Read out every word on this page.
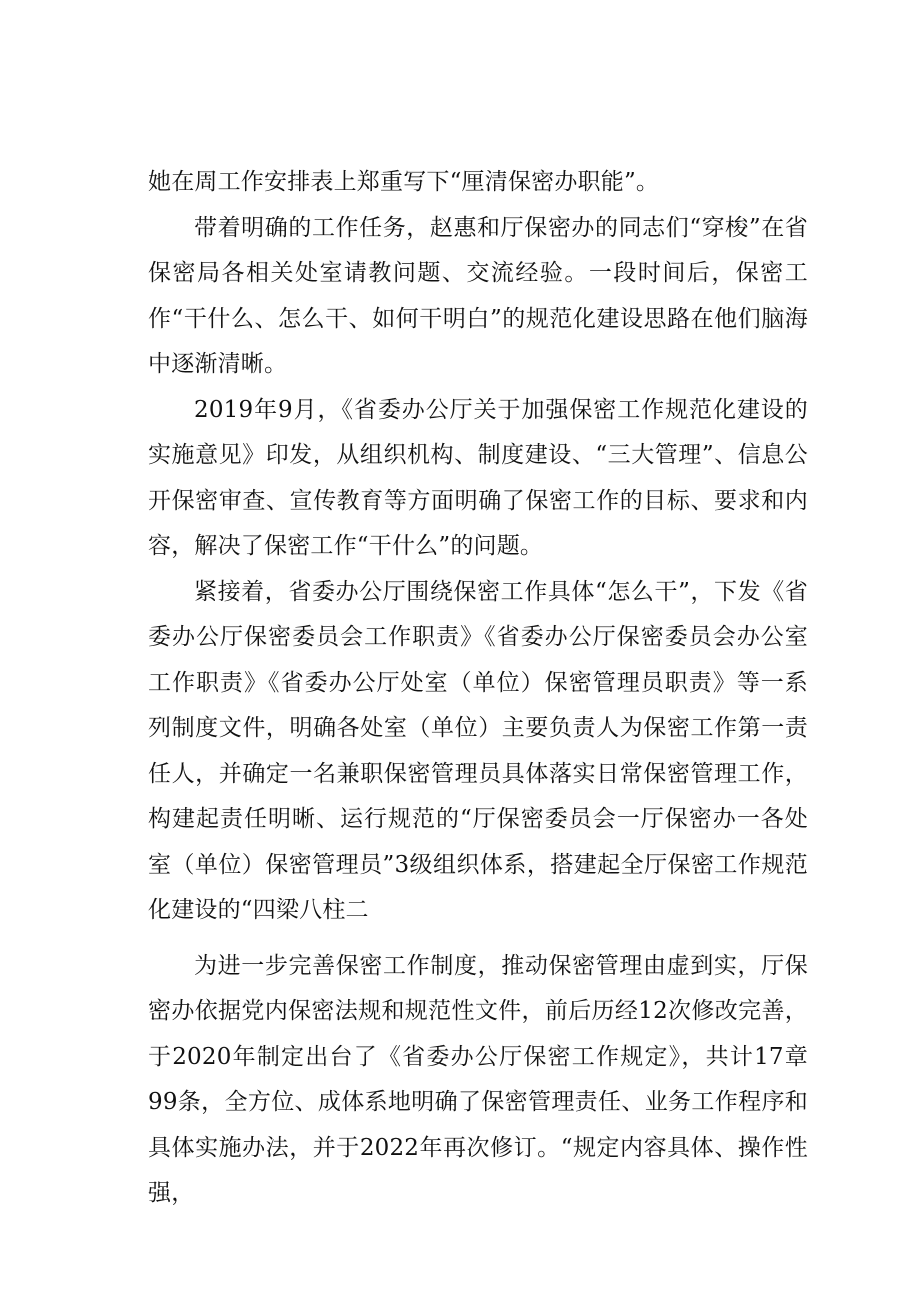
她在周工作安排表上郑重写下“厘清保密办职能”。

带着明确的工作任务，赵惠和厅保密办的同志们“穿梭”在省保密局各相关处室请教问题、交流经验。一段时间后，保密工作“干什么、怎么干、如何干明白”的规范化建设思路在他们脑海中逐渐清晰。

2019年9月，《省委办公厅关于加强保密工作规范化建设的实施意见》印发，从组织机构、制度建设、“三大管理”、信息公开保密审查、宣传教育等方面明确了保密工作的目标、要求和内容，解决了保密工作“干什么”的问题。

紧接着，省委办公厅围绕保密工作具体“怎么干”，下发《省委办公厅保密委员会工作职责》《省委办公厅保密委员会办公室工作职责》《省委办公厅处室（单位）保密管理员职责》等一系列制度文件，明确各处室（单位）主要负责人为保密工作第一责任人，并确定一名兼职保密管理员具体落实日常保密管理工作，构建起责任明晰、运行规范的“厅保密委员会一厅保密办一各处室（单位）保密管理员”3级组织体系，搭建起全厅保密工作规范化建设的“四梁八柱二

为进一步完善保密工作制度，推动保密管理由虚到实，厅保密办依据党内保密法规和规范性文件，前后历经12次修改完善，于2020年制定出台了《省委办公厅保密工作规定》，共计17章99条，全方位、成体系地明确了保密管理责任、业务工作程序和具体实施办法，并于2022年再次修订。“规定内容具体、操作性强，
